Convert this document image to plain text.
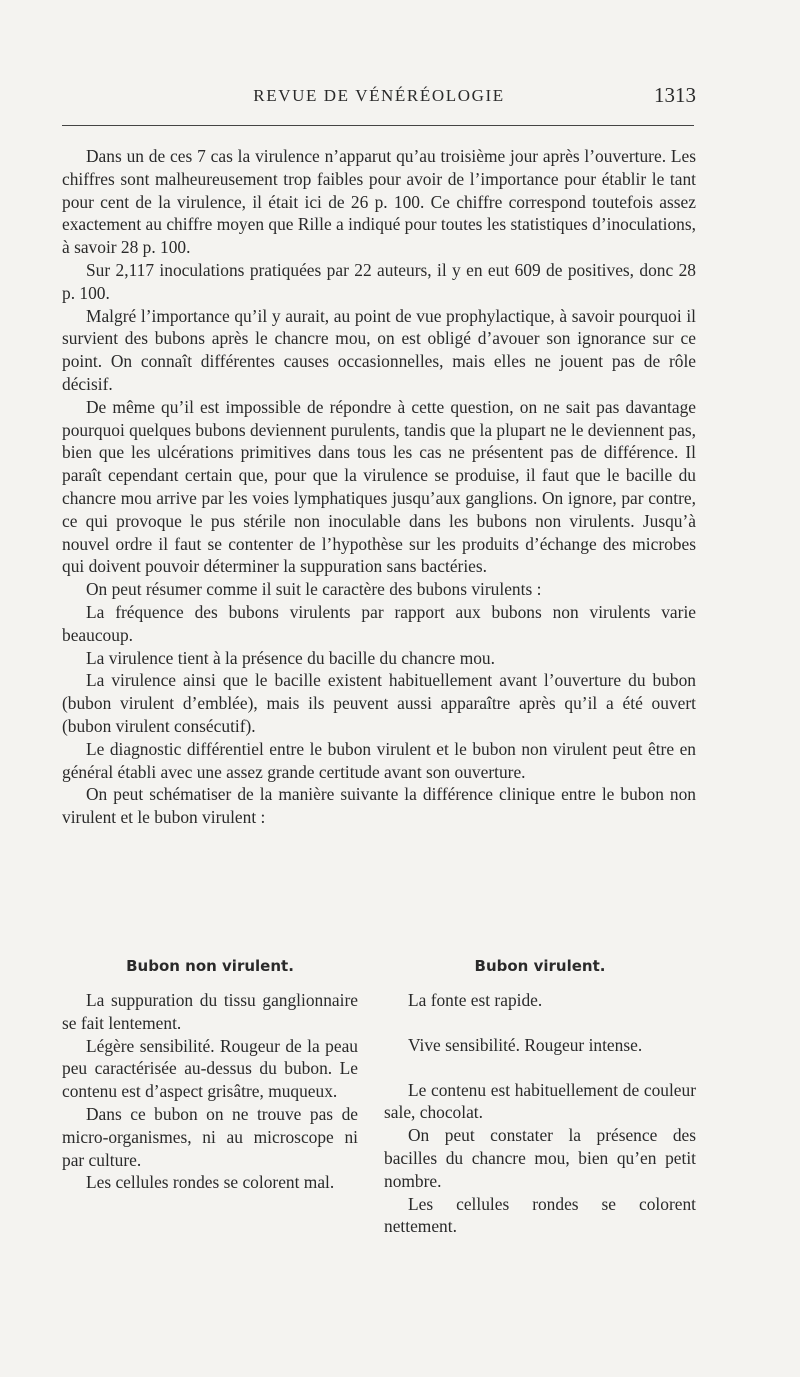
REVUE DE VÉNÉRÉOLOGIE	1313

Dans un de ces 7 cas la virulence n’apparut qu’au troisième jour après l’ouverture. Les chiffres sont malheureusement trop faibles pour avoir de l’importance pour établir le tant pour cent de la virulence, il était ici de 26 p. 100. Ce chiffre correspond toutefois assez exactement au chiffre moyen que Rille a indiqué pour toutes les statistiques d’inoculations, à savoir 28 p. 100.

Sur 2,117 inoculations pratiquées par 22 auteurs, il y en eut 609 de positives, donc 28 p. 100.

Malgré l’importance qu’il y aurait, au point de vue prophylactique, à savoir pourquoi il survient des bubons après le chancre mou, on est obligé d’avouer son ignorance sur ce point. On connaît différentes causes occasionnelles, mais elles ne jouent pas de rôle décisif.

De même qu’il est impossible de répondre à cette question, on ne sait pas davantage pourquoi quelques bubons deviennent purulents, tandis que la plupart ne le deviennent pas, bien que les ulcérations primitives dans tous les cas ne présentent pas de différence. Il paraît cependant certain que, pour que la virulence se produise, il faut que le bacille du chancre mou arrive par les voies lymphatiques jusqu’aux ganglions. On ignore, par contre, ce qui provoque le pus stérile non inoculable dans les bubons non virulents. Jusqu’à nouvel ordre il faut se contenter de l’hypothèse sur les produits d’échange des microbes qui doivent pouvoir déterminer la suppuration sans bactéries.

On peut résumer comme il suit le caractère des bubons virulents :

La fréquence des bubons virulents par rapport aux bubons non virulents varie beaucoup.

La virulence tient à la présence du bacille du chancre mou.

La virulence ainsi que le bacille existent habituellement avant l’ouverture du bubon (bubon virulent d’emblée), mais ils peuvent aussi apparaître après qu’il a été ouvert (bubon virulent consécutif).

Le diagnostic différentiel entre le bubon virulent et le bubon non virulent peut être en général établi avec une assez grande certitude avant son ouverture.

On peut schématiser de la manière suivante la différence clinique entre le bubon non virulent et le bubon virulent :

Bubon non virulent.

La suppuration du tissu ganglionnaire se fait lentement.

Légère sensibilité. Rougeur de la peau peu caractérisée au-dessus du bubon. Le contenu est d’aspect grisâtre, muqueux.

Dans ce bubon on ne trouve pas de micro-organismes, ni au microscope ni par culture.

Les cellules rondes se colorent mal.

Bubon virulent.

La fonte est rapide.

Vive sensibilité. Rougeur intense.

Le contenu est habituellement de couleur sale, chocolat.

On peut constater la présence des bacilles du chancre mou, bien qu’en petit nombre.

Les cellules rondes se colorent nettement.
